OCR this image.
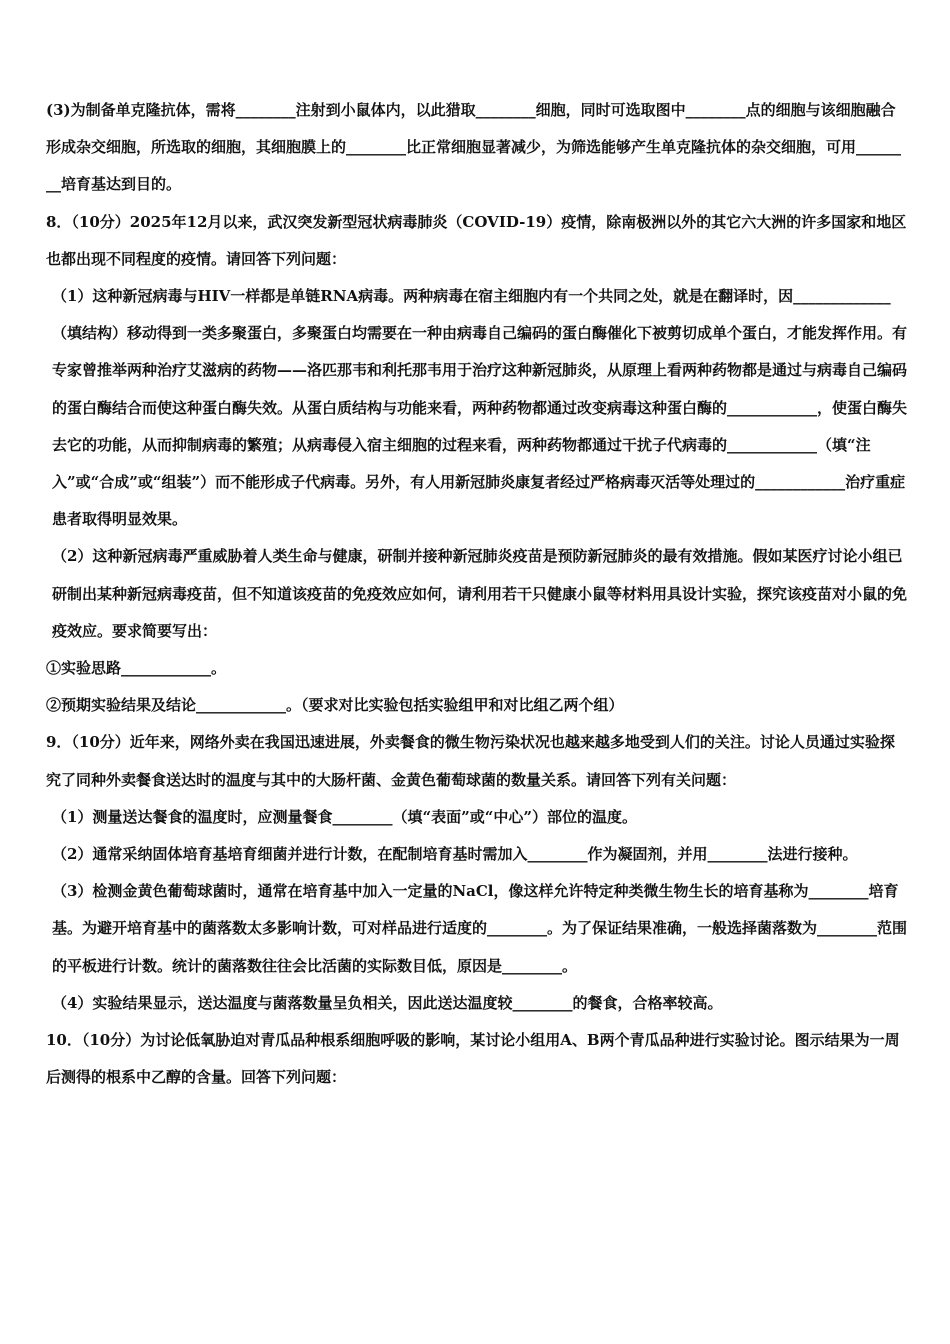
(3)为制备单克隆抗体，需将________注射到小鼠体内，以此猎取________细胞，同时可选取图中________点的细胞与该细胞融合形成杂交细胞，所选取的细胞，其细胞膜上的________比正常细胞显著减少，为筛选能够产生单克隆抗体的杂交细胞，可用________培育基达到目的。

8．（10分）2025年12月以来，武汉突发新型冠状病毒肺炎（COVID-19）疫情，除南极洲以外的其它六大洲的许多国家和地区也都出现不同程度的疫情。请回答下列问题：

（1）这种新冠病毒与HIV一样都是单链RNA病毒。两种病毒在宿主细胞内有一个共同之处，就是在翻译时，因_____________（填结构）移动得到一类多聚蛋白，多聚蛋白均需要在一种由病毒自己编码的蛋白酶催化下被剪切成单个蛋白，才能发挥作用。有专家曾推举两种治疗艾滋病的药物——洛匹那韦和利托那韦用于治疗这种新冠肺炎，从原理上看两种药物都是通过与病毒自己编码的蛋白酶结合而使这种蛋白酶失效。从蛋白质结构与功能来看，两种药物都通过改变病毒这种蛋白酶的____________，使蛋白酶失去它的功能，从而抑制病毒的繁殖；从病毒侵入宿主细胞的过程来看，两种药物都通过干扰子代病毒的____________（填“注入”或“合成”或“组装”）而不能形成子代病毒。另外，有人用新冠肺炎康复者经过严格病毒灭活等处理过的____________治疗重症患者取得明显效果。

（2）这种新冠病毒严重威胁着人类生命与健康，研制并接种新冠肺炎疫苗是预防新冠肺炎的最有效措施。假如某医疗讨论小组已研制出某种新冠病毒疫苗，但不知道该疫苗的免疫效应如何，请利用若干只健康小鼠等材料用具设计实验，探究该疫苗对小鼠的免疫效应。要求简要写出：

①实验思路____________。

②预期实验结果及结论____________。（要求对比实验包括实验组甲和对比组乙两个组）

9．（10分）近年来，网络外卖在我国迅速进展，外卖餐食的微生物污染状况也越来越多地受到人们的关注。讨论人员通过实验探究了同种外卖餐食送达时的温度与其中的大肠杆菌、金黄色葡萄球菌的数量关系。请回答下列有关问题：

（1）测量送达餐食的温度时，应测量餐食________（填“表面”或“中心”）部位的温度。

（2）通常采纳固体培育基培育细菌并进行计数，在配制培育基时需加入________作为凝固剂，并用________法进行接种。

（3）检测金黄色葡萄球菌时，通常在培育基中加入一定量的NaCl，像这样允许特定种类微生物生长的培育基称为________培育基。为避开培育基中的菌落数太多影响计数，可对样品进行适度的________。为了保证结果准确，一般选择菌落数为________范围的平板进行计数。统计的菌落数往往会比活菌的实际数目低，原因是________。

（4）实验结果显示，送达温度与菌落数量呈负相关，因此送达温度较________的餐食，合格率较高。

10．（10分）为讨论低氧胁迫对青瓜品种根系细胞呼吸的影响，某讨论小组用A、B两个青瓜品种进行实验讨论。图示结果为一周后测得的根系中乙醇的含量。回答下列问题：
